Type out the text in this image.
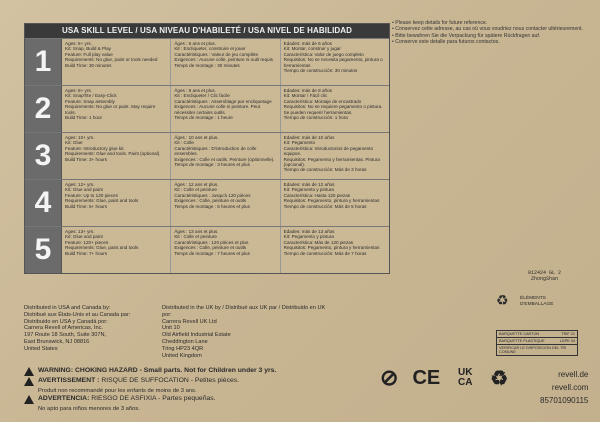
USA SKILL LEVEL / USA NIVEAU D'HABILETÉ / USA NIVEL DE HABILIDAD
1
Ages: 6+ yrs.
Kit: Snap, Build & Play
Feature: Full play value
Requirements: No glue, paint or tools needed
Build Time: 30 minutes
Âges : 6 ans et plus.
Kit : Encliqueter, construire et jouer
Caractéristiques : Valeur de jeu complète
Exigences : Aucune colle, peinture ni outil requis
Temps de montage : 30 minutes
Edades: más de 6 años
Kit: Montar, construir y jugar
Característica: Valor de juego completo
Requisitos: No se necesita pegamento, pintura o herramientas
Tiempo de construcción: 30 minutos
2
Ages: 8+ yrs.
Kit: SnapTite / Easy-Click
Feature: Snap assembly
Requirements: No glue or paint. May require tools.
Build Time: 1 hour
Âges : 8 ans et plus.
Kit : Encliqueter / Clic facile
Caractéristiques : Assemblage par encliquetage
Exigences : Aucune colle ni peinture. Peut nécessiter certains outils.
Temps de montage : 1 heure
Edades: más de 8 años
Kit: Montar / Fácil clic
Característica: Montaje de encastrado
Requisitos: No se requiere pegamento o pintura. Se pueden requerir herramientas.
Tiempo de construcción: 1 hora
3
Ages: 10+ yrs.
Kit: Glue
Feature: Introductory glue kit.
Requirements: Glue and tools. Paint (optional).
Build Time: 3+ hours
Âges : 10 ans et plus.
Kit : Colle
Caractéristiques : D'introduction de colle ensembles.
Exigences : Colle et outils. Peinture (optionnelle).
Temps de montage : 3 heures et plus
Edades: más de 10 años
Kit: Pegamento
Característica: Introductorios de pegamento equipos.
Requisitos: Pegamento y herramientas. Pintura (opcional).
Tiempo de construcción: Más de 3 horas
4
Ages: 12+ yrs.
Kit: Glue and paint
Feature: Up to 120 pieces
Requirements: Glue, paint and tools
Build Time: 5+ hours
Âges : 12 ans et plus.
Kit : Colle et peinture
Caractéristiques : Jusqu'à 120 pièces
Exigences : Colle, peinture et outils
Temps de montage : 5 heures et plus
Edades: más de 12 años
Kit: Pegamento y pintura
Característica: Hasta 120 piezas
Requisitos: Pegamento, pintura y herramientas
Tiempo de construcción: Más de 5 horas
5
Ages: 13+ yrs.
Kit: Glue and paint
Feature: 120+ pieces
Requirements: Glue, paint and tools
Build Time: 7+ hours
Âges : 13 ans et plus.
Kit : Colle et peinture
Caractéristiques : 120 pièces et plus
Exigences : Colle, peinture et outils
Temps de montage : 7 heures et plus
Edades: más de 13 años
Kit: Pegamento y pintura
Característica: Más de 120 piezas
Requisitos: Pegamento, pintura y herramientas
Tiempo de construcción: Más de 7 horas
• Please keep details for future reference.
• Conservez cette adresse, au cas où vous voudriez nous contacter ultérieurement.
• Bitte bewahren Sie die Verpackung für spätere Rückfragen auf.
• Conserve este detalle para futuros contactos.
012424 GL 2
ZhongShan
♻ ÉLÉMENTS
D'EMBALLAGE
BARQUETTE CARTON	TRIF 21
BARQUETTE PLASTIQUE	LDPE 04
VERIFICAR LE DISPOSICION DEL TRI COMUNE
Distributed in USA and Canada by:
Distribué aux États-Unis et au Canada par:
Distribuido en USA y Canadá por:
Carrera Revell of Americas, Inc.
197 Route 18 South, Suite 307N,
East Brunswick, NJ 08816
United States
Distributed in the UK by / Distribué aux UK par / Distribuido en UK por:
Carrera Revell UK Ltd
Unit 10
Old Airfield Industrial Estate
Cheddington Lane
Tring HP23 4QR
United Kingdom
WARNING: CHOKING HAZARD - Small parts. Not for Children under 3 yrs.
AVERTISSEMENT : RISQUE DE SUFFOCATION - Petites pièces.
Produit non recommandé pour les enfants de moins de 3 ans.
ADVERTENCIA: RIESGO DE ASFIXIA - Partes pequeñas.
No apto para niños menores de 3 años.
⊘ CE	UK CA ♻	revell.de
revell.com
85701090115
